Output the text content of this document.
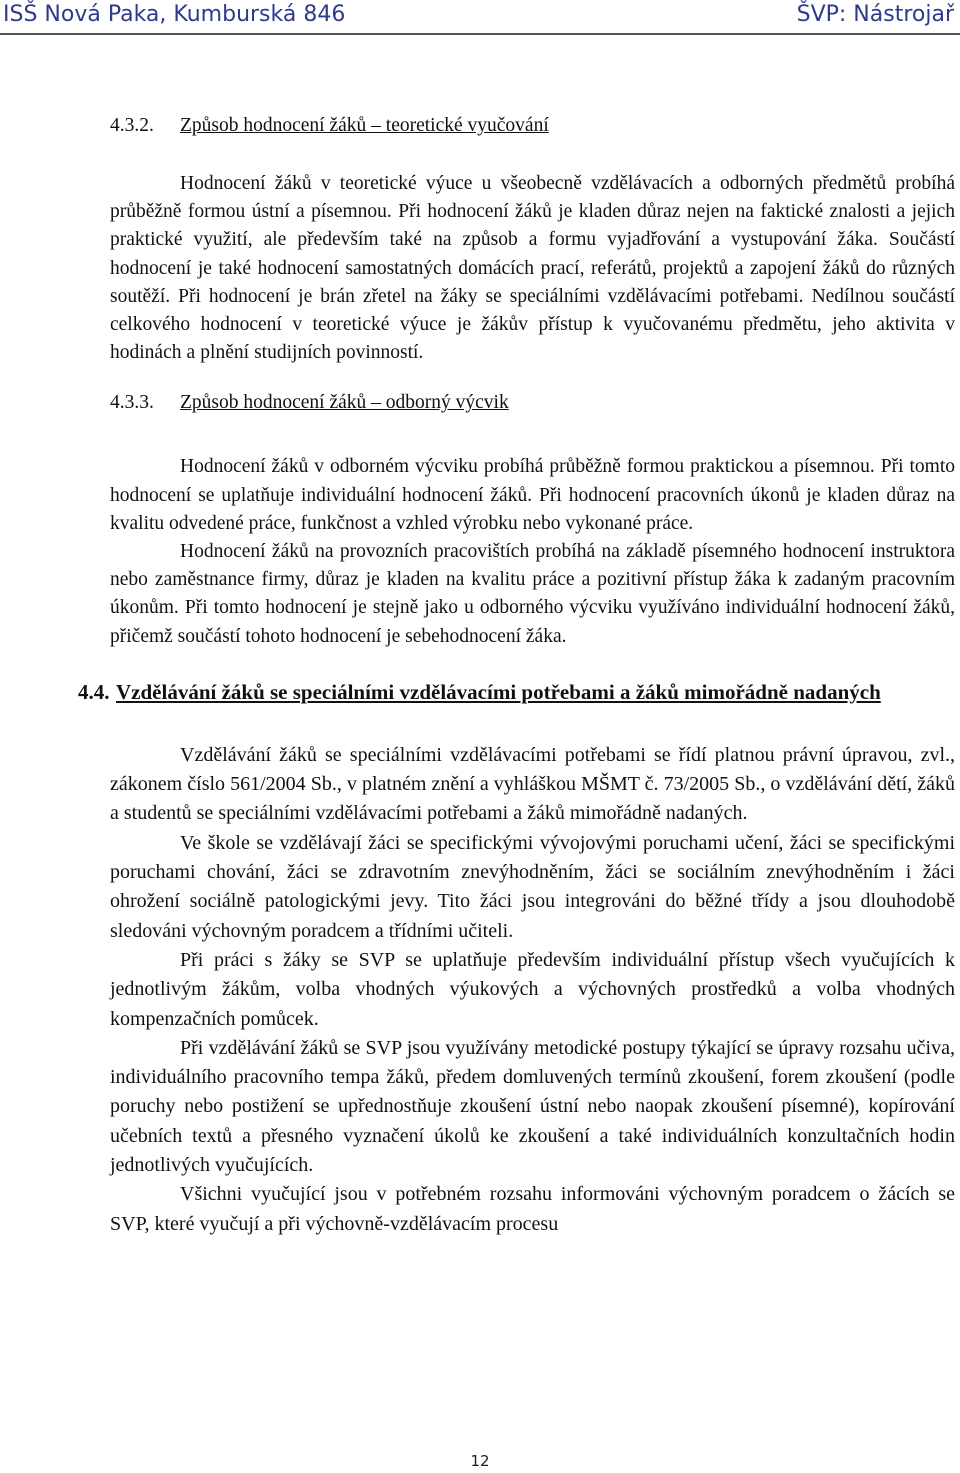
ISŠ Nová Paka, Kumburská 846	ŠVP: Nástrojař
4.3.2. Způsob hodnocení žáků – teoretické vyučování

Hodnocení žáků v teoretické výuce u všeobecně vzdělávacích a odborných předmětů probíhá průběžně formou ústní a písemnou. Při hodnocení žáků je kladen důraz nejen na faktické znalosti a jejich praktické využití, ale především také na způsob a formu vyjadřování a vystupování žáka. Součástí hodnocení je také hodnocení samostatných domácích prací, referátů, projektů a zapojení žáků do různých soutěží. Při hodnocení je brán zřetel na žáky se speciálními vzdělávacími potřebami. Nedílnou součástí celkového hodnocení v teoretické výuce je žákův přístup k vyučovanému předmětu, jeho aktivita v hodinách a plnění studijních povinností.

4.3.3. Způsob hodnocení žáků – odborný výcvik

Hodnocení žáků v odborném výcviku probíhá průběžně formou praktickou a písemnou. Při tomto hodnocení se uplatňuje individuální hodnocení žáků. Při hodnocení pracovních úkonů je kladen důraz na kvalitu odvedené práce, funkčnost a vzhled výrobku nebo vykonané práce.

Hodnocení žáků na provozních pracovištích probíhá na základě písemného hodnocení instruktora nebo zaměstnance firmy, důraz je kladen na kvalitu práce a pozitivní přístup žáka k zadaným pracovním úkonům. Při tomto hodnocení je stejně jako u odborného výcviku využíváno individuální hodnocení žáků, přičemž součástí tohoto hodnocení je sebehodnocení žáka.

4.4. Vzdělávání žáků se speciálními vzdělávacími potřebami a žáků mimořádně nadaných

Vzdělávání žáků se speciálními vzdělávacími potřebami se řídí platnou právní úpravou, zvl., zákonem číslo 561/2004 Sb., v platném znění a vyhláškou MŠMT č. 73/2005 Sb., o vzdělávání dětí, žáků a studentů se speciálními vzdělávacími potřebami a žáků mimořádně nadaných.

Ve škole se vzdělávají žáci se specifickými vývojovými poruchami učení, žáci se specifickými poruchami chování, žáci se zdravotním znevýhodněním, žáci se sociálním znevýhodněním i žáci ohrožení sociálně patologickými jevy. Tito žáci jsou integrováni do běžné třídy a jsou dlouhodobě sledováni výchovným poradcem a třídními učiteli.

Při práci s žáky se SVP se uplatňuje především individuální přístup všech vyučujících k jednotlivým žákům, volba vhodných výukových a výchovných prostředků a volba vhodných kompenzačních pomůcek.

Při vzdělávání žáků se SVP jsou využívány metodické postupy týkající se úpravy rozsahu učiva, individuálního pracovního tempa žáků, předem domluvených termínů zkoušení, forem zkoušení (podle poruchy nebo postižení se upřednostňuje zkoušení ústní nebo naopak zkoušení písemné), kopírování učebních textů a přesného vyznačení úkolů ke zkoušení a také individuálních konzultačních hodin jednotlivých vyučujících.

Všichni vyučující jsou v potřebném rozsahu informováni výchovným poradcem o žácích se SVP, které vyučují a při výchovně-vzdělávacím procesu

12
